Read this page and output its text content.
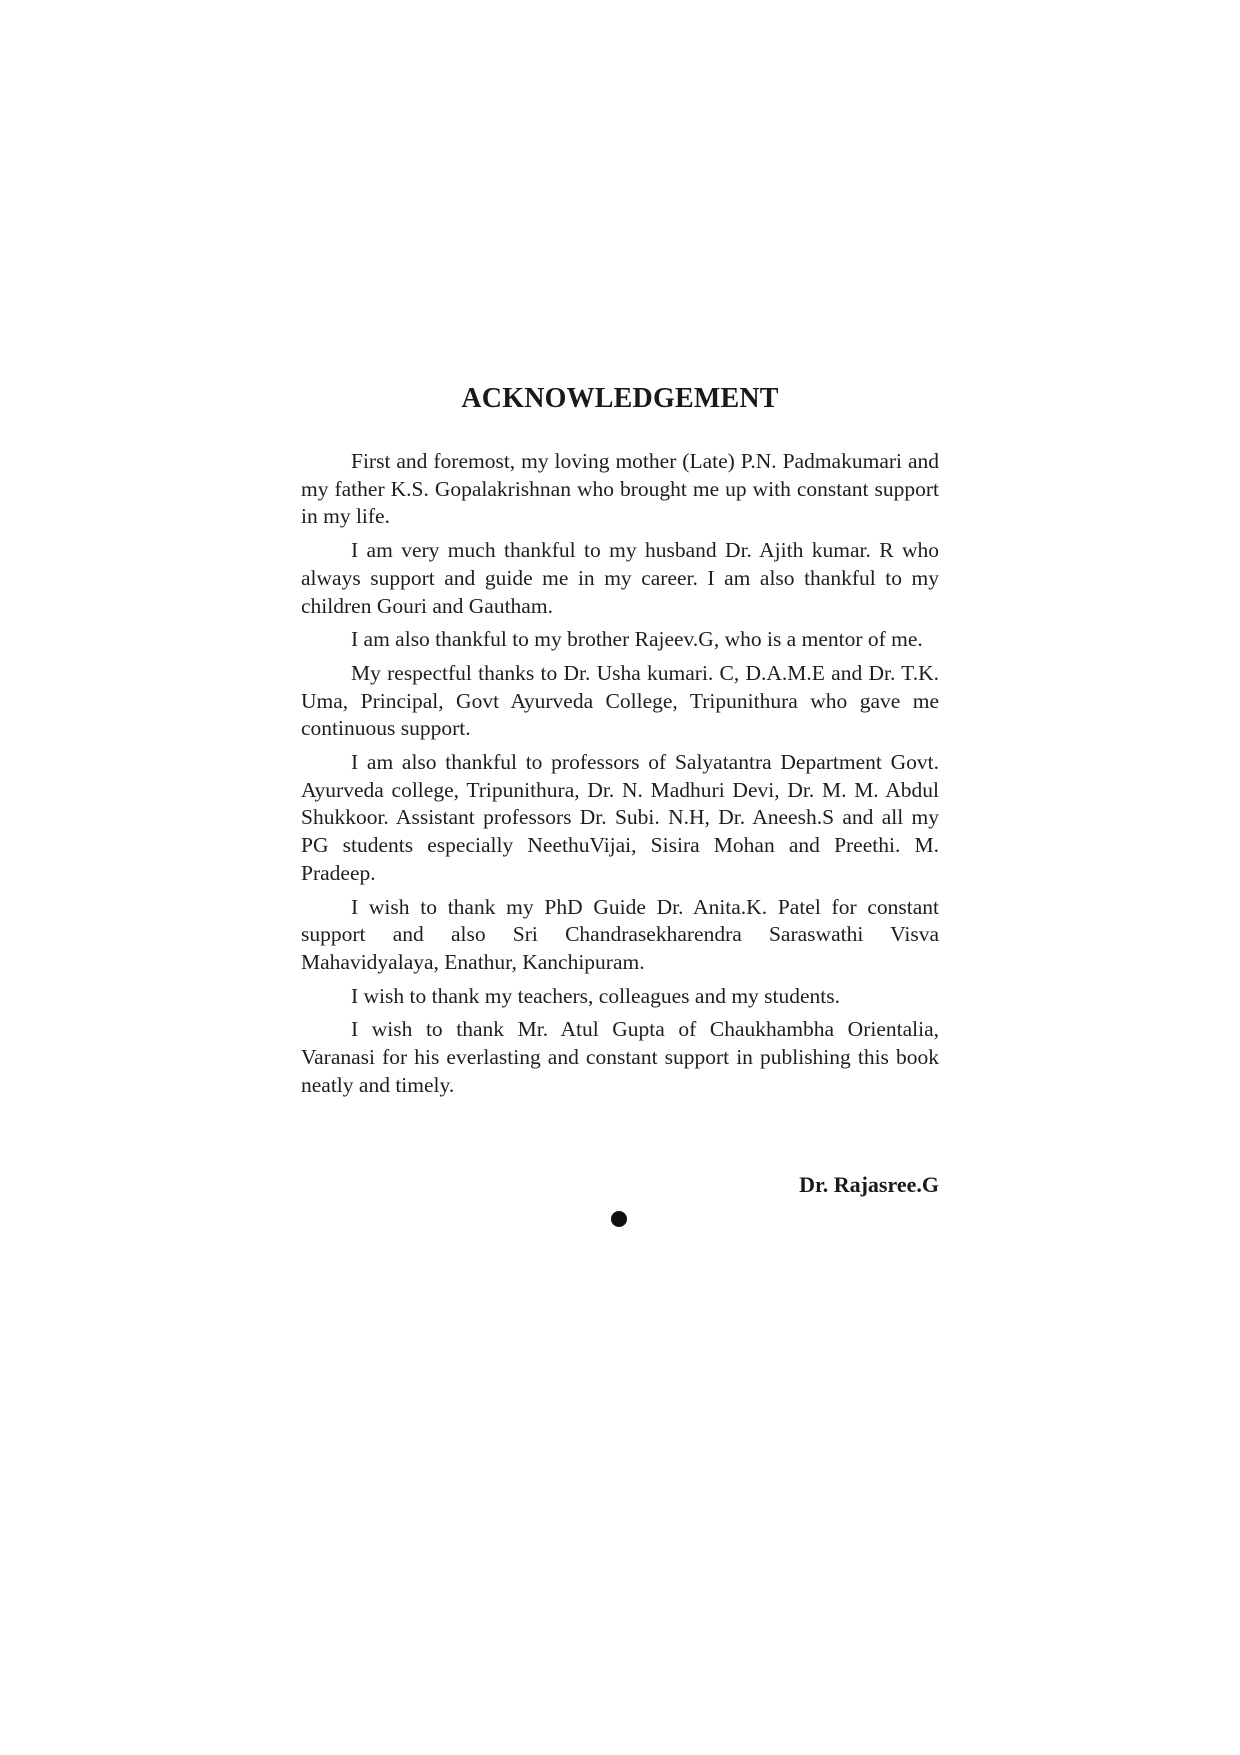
ACKNOWLEDGEMENT

First and foremost, my loving mother (Late) P.N. Padmakumari and my father K.S. Gopalakrishnan who brought me up with constant support in my life.

I am very much thankful to my husband Dr. Ajith kumar. R who always support and guide me in my career. I am also thankful to my children Gouri and Gautham.

I am also thankful to my brother Rajeev.G, who is a mentor of me.

My respectful thanks to Dr. Usha kumari. C, D.A.M.E and Dr. T.K. Uma, Principal, Govt Ayurveda College, Tripunithura who gave me continuous support.

I am also thankful to professors of Salyatantra Department Govt. Ayurveda college, Tripunithura, Dr. N. Madhuri Devi, Dr. M. M. Abdul Shukkoor. Assistant professors Dr. Subi. N.H, Dr. Aneesh.S and all my PG students especially NeethuVijai, Sisira Mohan and Preethi. M. Pradeep.

I wish to thank my PhD Guide Dr. Anita.K. Patel for constant support and also Sri Chandrasekharendra Saraswathi Visva Mahavidyalaya, Enathur, Kanchipuram.

I wish to thank my teachers, colleagues and my students.

I wish to thank Mr. Atul Gupta of Chaukhambha Orientalia, Varanasi for his everlasting and constant support in publishing this book neatly and timely.

Dr. Rajasree.G
